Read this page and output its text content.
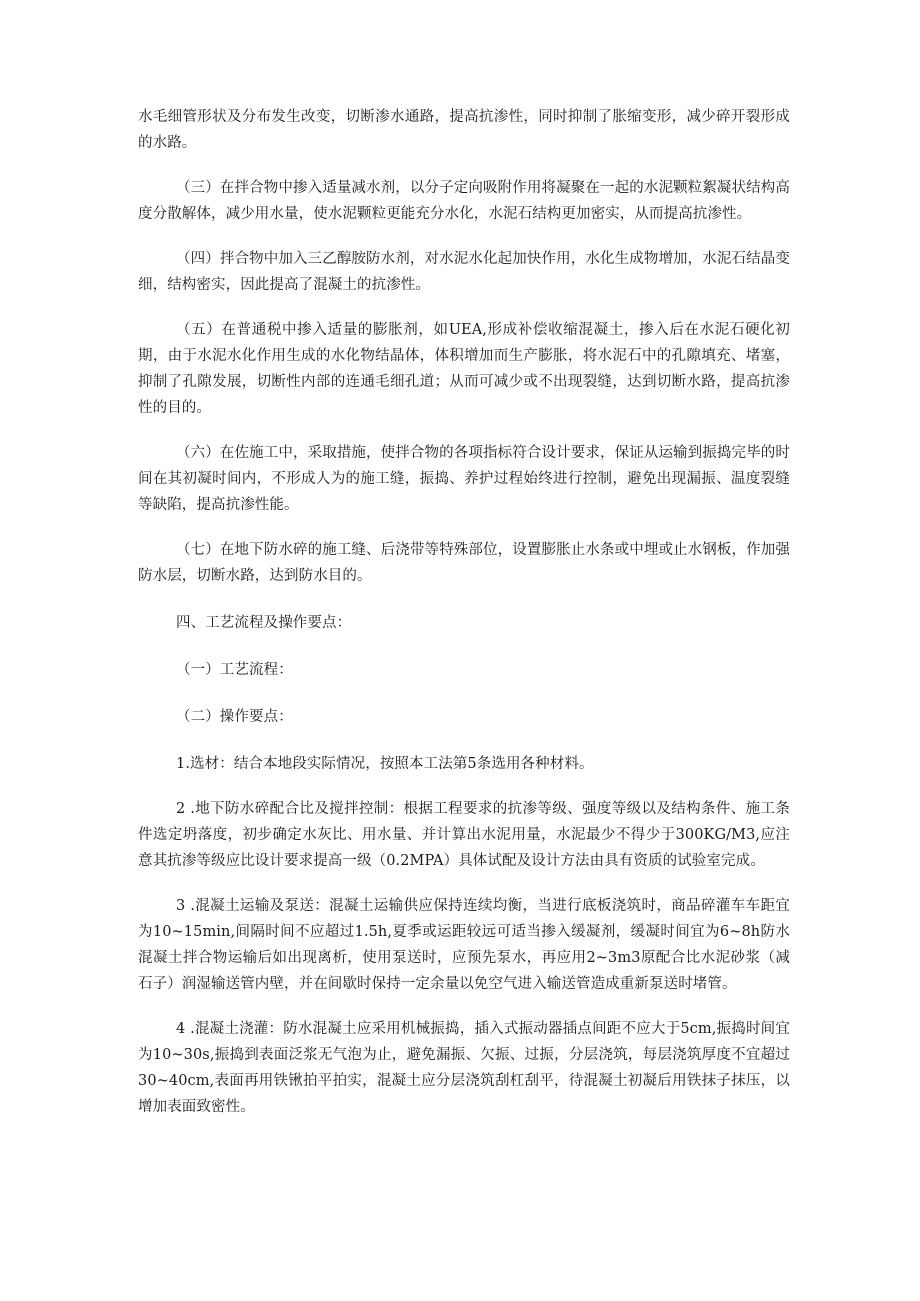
水毛细管形状及分布发生改变，切断渗水通路，提高抗渗性，同时抑制了胀缩变形，减少碎开裂形成的水路。

（三）在拌合物中掺入适量减水剂，以分子定向吸附作用将凝聚在一起的水泥颗粒絮凝状结构高度分散解体，减少用水量，使水泥颗粒更能充分水化，水泥石结构更加密实，从而提高抗渗性。

（四）拌合物中加入三乙醇胺防水剂，对水泥水化起加快作用，水化生成物增加，水泥石结晶变细，结构密实，因此提高了混凝土的抗渗性。

（五）在普通税中掺入适量的膨胀剂，如UEA,形成补偿收缩混凝土，掺入后在水泥石硬化初期，由于水泥水化作用生成的水化物结晶体，体积增加而生产膨胀，将水泥石中的孔隙填充、堵塞，抑制了孔隙发展，切断性内部的连通毛细孔道；从而可减少或不出现裂缝，达到切断水路，提高抗渗性的目的。

（六）在佐施工中，采取措施，使拌合物的各项指标符合设计要求，保证从运输到振捣完毕的时间在其初凝时间内，不形成人为的施工缝，振捣、养护过程始终进行控制，避免出现漏振、温度裂缝等缺陷，提高抗渗性能。

（七）在地下防水碎的施工缝、后浇带等特殊部位，设置膨胀止水条或中埋或止水钢板，作加强防水层，切断水路，达到防水目的。

四、工艺流程及操作要点：

（一）工艺流程：

（二）操作要点：

1.选材：结合本地段实际情况，按照本工法第5条选用各种材料。

2 .地下防水碎配合比及搅拌控制：根据工程要求的抗渗等级、强度等级以及结构条件、施工条件选定坍落度，初步确定水灰比、用水量、并计算出水泥用量，水泥最少不得少于300KG/M3,应注意其抗渗等级应比设计要求提高一级（0.2MPA）具体试配及设计方法由具有资质的试验室完成。

3 .混凝土运输及泵送：混凝土运输供应保持连续均衡，当进行底板浇筑时，商品碎灌车车距宜为10~15min,间隔时间不应超过1.5h,夏季或运距较远可适当掺入缓凝剂，缓凝时间宜为6~8h防水混凝土拌合物运输后如出现离析，使用泵送时，应预先泵水，再应用2~3m3原配合比水泥砂浆（减石子）润湿输送管内壁，并在间歇时保持一定余量以免空气进入输送管造成重新泵送时堵管。

4 .混凝土浇灌：防水混凝土应采用机械振捣，插入式振动器插点间距不应大于5cm,振捣时间宜为10~30s,振捣到表面泛浆无气泡为止，避免漏振、欠振、过振，分层浇筑，每层浇筑厚度不宜超过30~40cm,表面再用铁锹拍平拍实，混凝土应分层浇筑刮杠刮平，待混凝土初凝后用铁抹子抹压，以增加表面致密性。
